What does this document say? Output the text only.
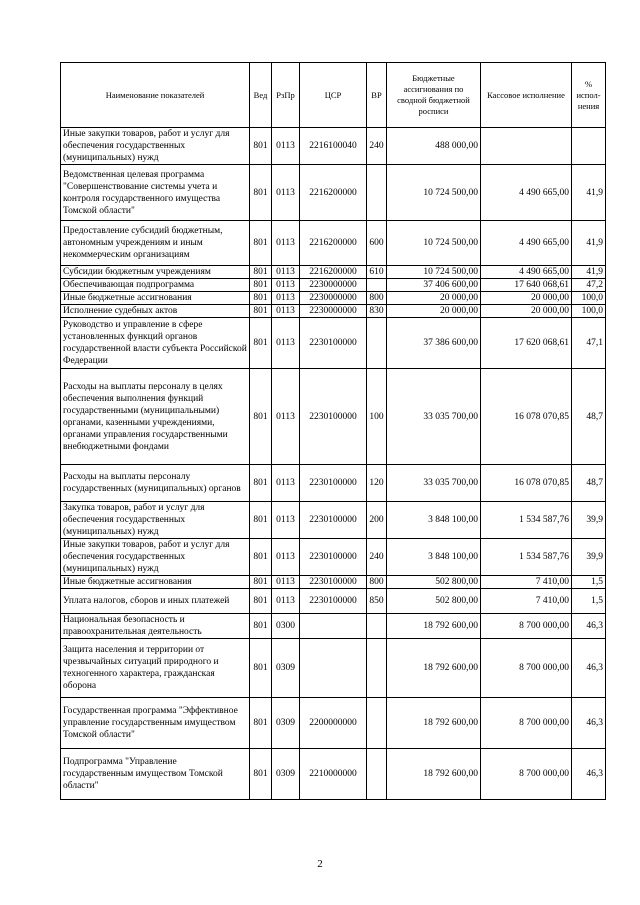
Наименование показателей	Вед	РзПр	ЦСР	ВР	Бюджетные ассигнования по сводной бюджетной росписи	Кассовое исполнение	% испол-нения
Иные закупки товаров, работ и услуг для обеспечения государственных (муниципальных) нужд	801	0113	2216100040	240	488 000,00		
Ведомственная целевая программа "Совершенствование системы учета и контроля государственного имущества Томской области"	801	0113	2216200000		10 724 500,00	4 490 665,00	41,9
Предоставление субсидий бюджетным, автономным учреждениям и иным некоммерческим организациям	801	0113	2216200000	600	10 724 500,00	4 490 665,00	41,9
Субсидии бюджетным учреждениям	801	0113	2216200000	610	10 724 500,00	4 490 665,00	41,9
Обеспечивающая подпрограмма	801	0113	2230000000		37 406 600,00	17 640 068,61	47,2
Иные бюджетные ассигнования	801	0113	2230000000	800	20 000,00	20 000,00	100,0
Исполнение судебных актов	801	0113	2230000000	830	20 000,00	20 000,00	100,0
Руководство и управление в сфере установленных функций органов государственной власти субъекта Российской Федерации	801	0113	2230100000		37 386 600,00	17 620 068,61	47,1
Расходы на выплаты персоналу в целях обеспечения выполнения функций государственными (муниципальными) органами, казенными учреждениями, органами управления государственными внебюджетными фондами	801	0113	2230100000	100	33 035 700,00	16 078 070,85	48,7
Расходы на выплаты персоналу государственных (муниципальных) органов	801	0113	2230100000	120	33 035 700,00	16 078 070,85	48,7
Закупка товаров, работ и услуг для обеспечения государственных (муниципальных) нужд	801	0113	2230100000	200	3 848 100,00	1 534 587,76	39,9
Иные закупки товаров, работ и услуг для обеспечения государственных (муниципальных) нужд	801	0113	2230100000	240	3 848 100,00	1 534 587,76	39,9
Иные бюджетные ассигнования	801	0113	2230100000	800	502 800,00	7 410,00	1,5
Уплата налогов, сборов и иных платежей	801	0113	2230100000	850	502 800,00	7 410,00	1,5
Национальная безопасность и правоохранительная деятельность	801	0300			18 792 600,00	8 700 000,00	46,3
Защита населения и территории от чрезвычайных ситуаций природного и техногенного характера, гражданская оборона	801	0309			18 792 600,00	8 700 000,00	46,3
Государственная программа "Эффективное управление государственным имуществом Томской области"	801	0309	2200000000		18 792 600,00	8 700 000,00	46,3
Подпрограмма "Управление государственным имуществом Томской области"	801	0309	2210000000		18 792 600,00	8 700 000,00	46,3
2
